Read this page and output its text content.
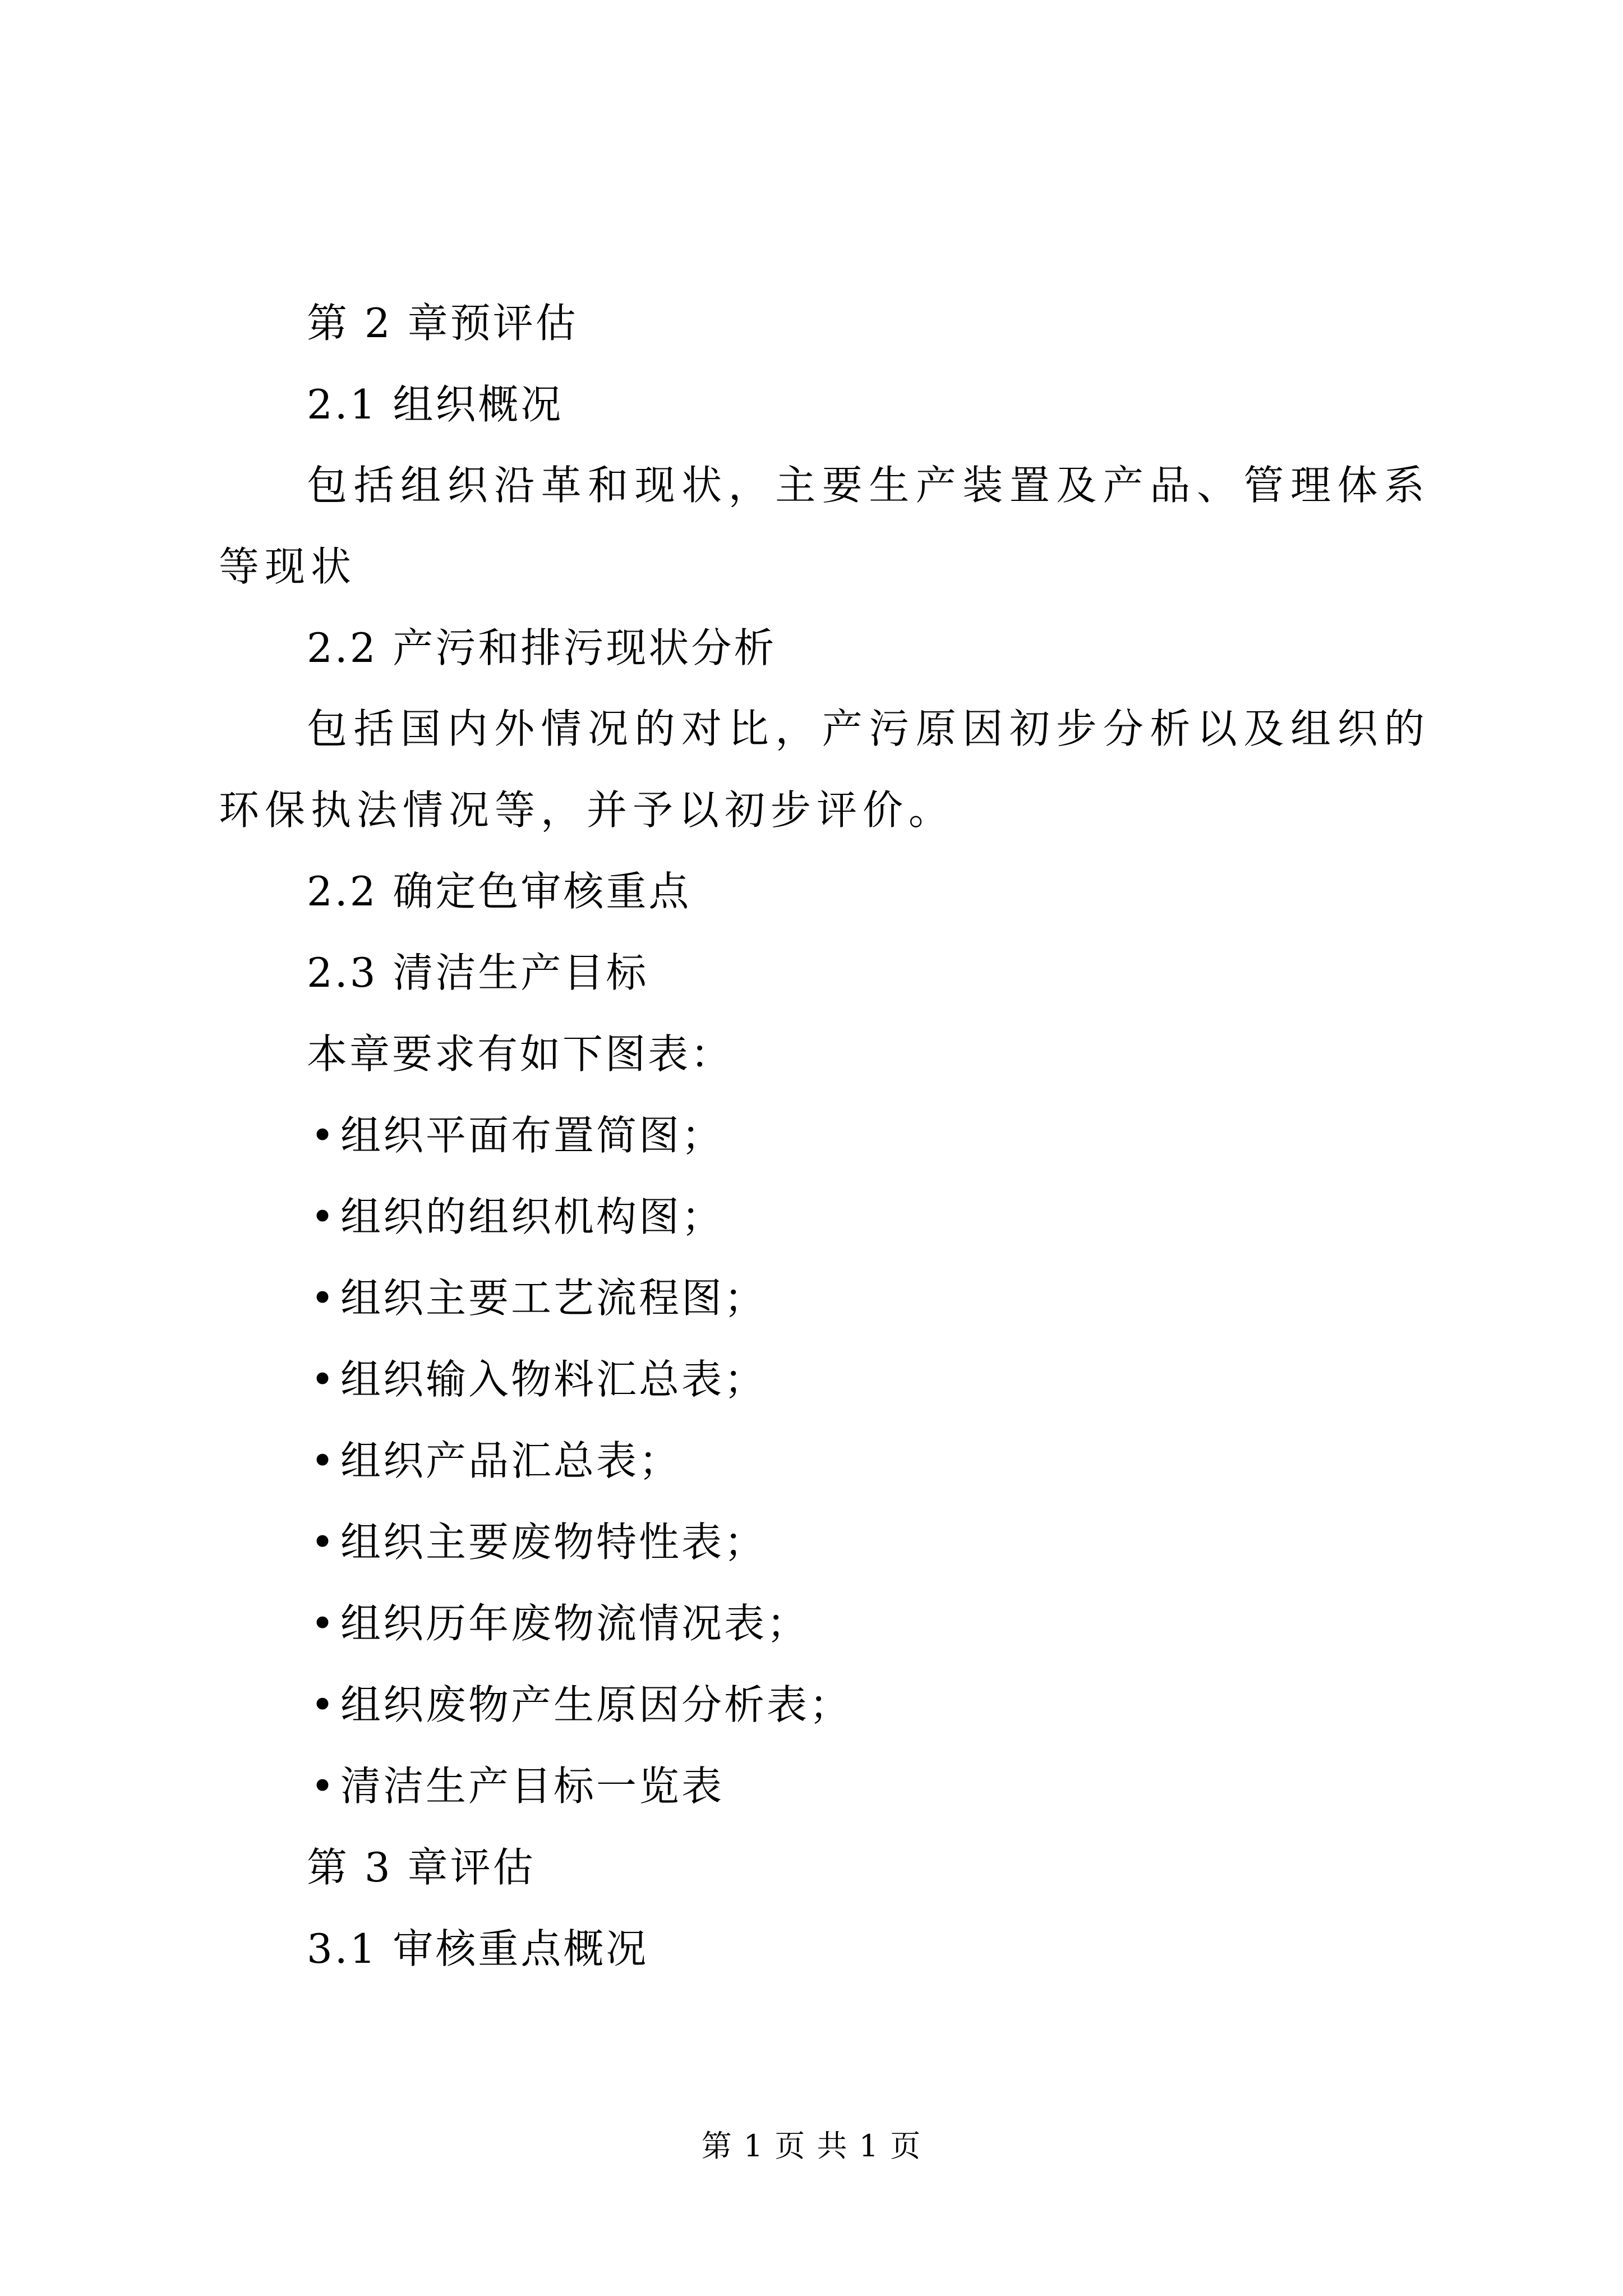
第 2 章预评估
2.1 组织概况
包括组织沿革和现状，主要生产装置及产品、管理体系等现状
2.2 产污和排污现状分析
包括国内外情况的对比，产污原因初步分析以及组织的环保执法情况等，并予以初步评价。
2.2 确定色审核重点
2.3 清洁生产目标
本章要求有如下图表：
•组织平面布置简图；
•组织的组织机构图；
•组织主要工艺流程图；
•组织输入物料汇总表；
•组织产品汇总表；
•组织主要废物特性表；
•组织历年废物流情况表；
•组织废物产生原因分析表；
•清洁生产目标一览表
第 3 章评估
3.1 审核重点概况
第 1 页 共 1 页
